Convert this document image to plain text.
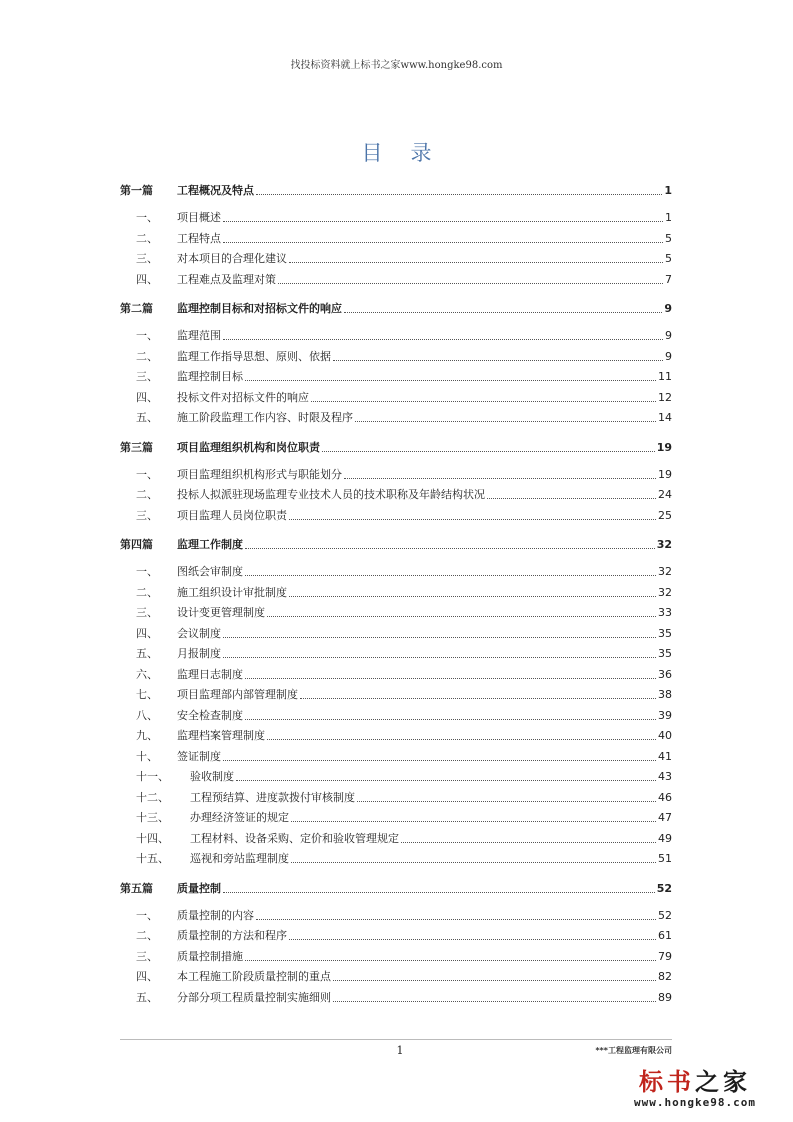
找投标资料就上标书之家www.hongke98.com
目录
第一篇	工程概况及特点	1
一、	项目概述	1
二、	工程特点	5
三、	对本项目的合理化建议	5
四、	工程难点及监理对策	7
第二篇	监理控制目标和对招标文件的响应	9
一、	监理范围	9
二、	监理工作指导思想、原则、依据	9
三、	监理控制目标	11
四、	投标文件对招标文件的响应	12
五、	施工阶段监理工作内容、时限及程序	14
第三篇	项目监理组织机构和岗位职责	19
一、	项目监理组织机构形式与职能划分	19
二、	投标人拟派驻现场监理专业技术人员的技术职称及年龄结构状况	24
三、	项目监理人员岗位职责	25
第四篇	监理工作制度	32
一、	图纸会审制度	32
二、	施工组织设计审批制度	32
三、	设计变更管理制度	33
四、	会议制度	35
五、	月报制度	35
六、	监理日志制度	36
七、	项目监理部内部管理制度	38
八、	安全检查制度	39
九、	监理档案管理制度	40
十、	签证制度	41
十一、	验收制度	43
十二、	工程预结算、进度款拨付审核制度	46
十三、	办理经济签证的规定	47
十四、	工程材料、设备采购、定价和验收管理规定	49
十五、	巡视和旁站监理制度	51
第五篇	质量控制	52
一、	质量控制的内容	52
二、	质量控制的方法和程序	61
三、	质量控制措施	79
四、	本工程施工阶段质量控制的重点	82
五、	分部分项工程质量控制实施细则	89
1	***工程监理有限公司
标书之家
www.hongke98.com
